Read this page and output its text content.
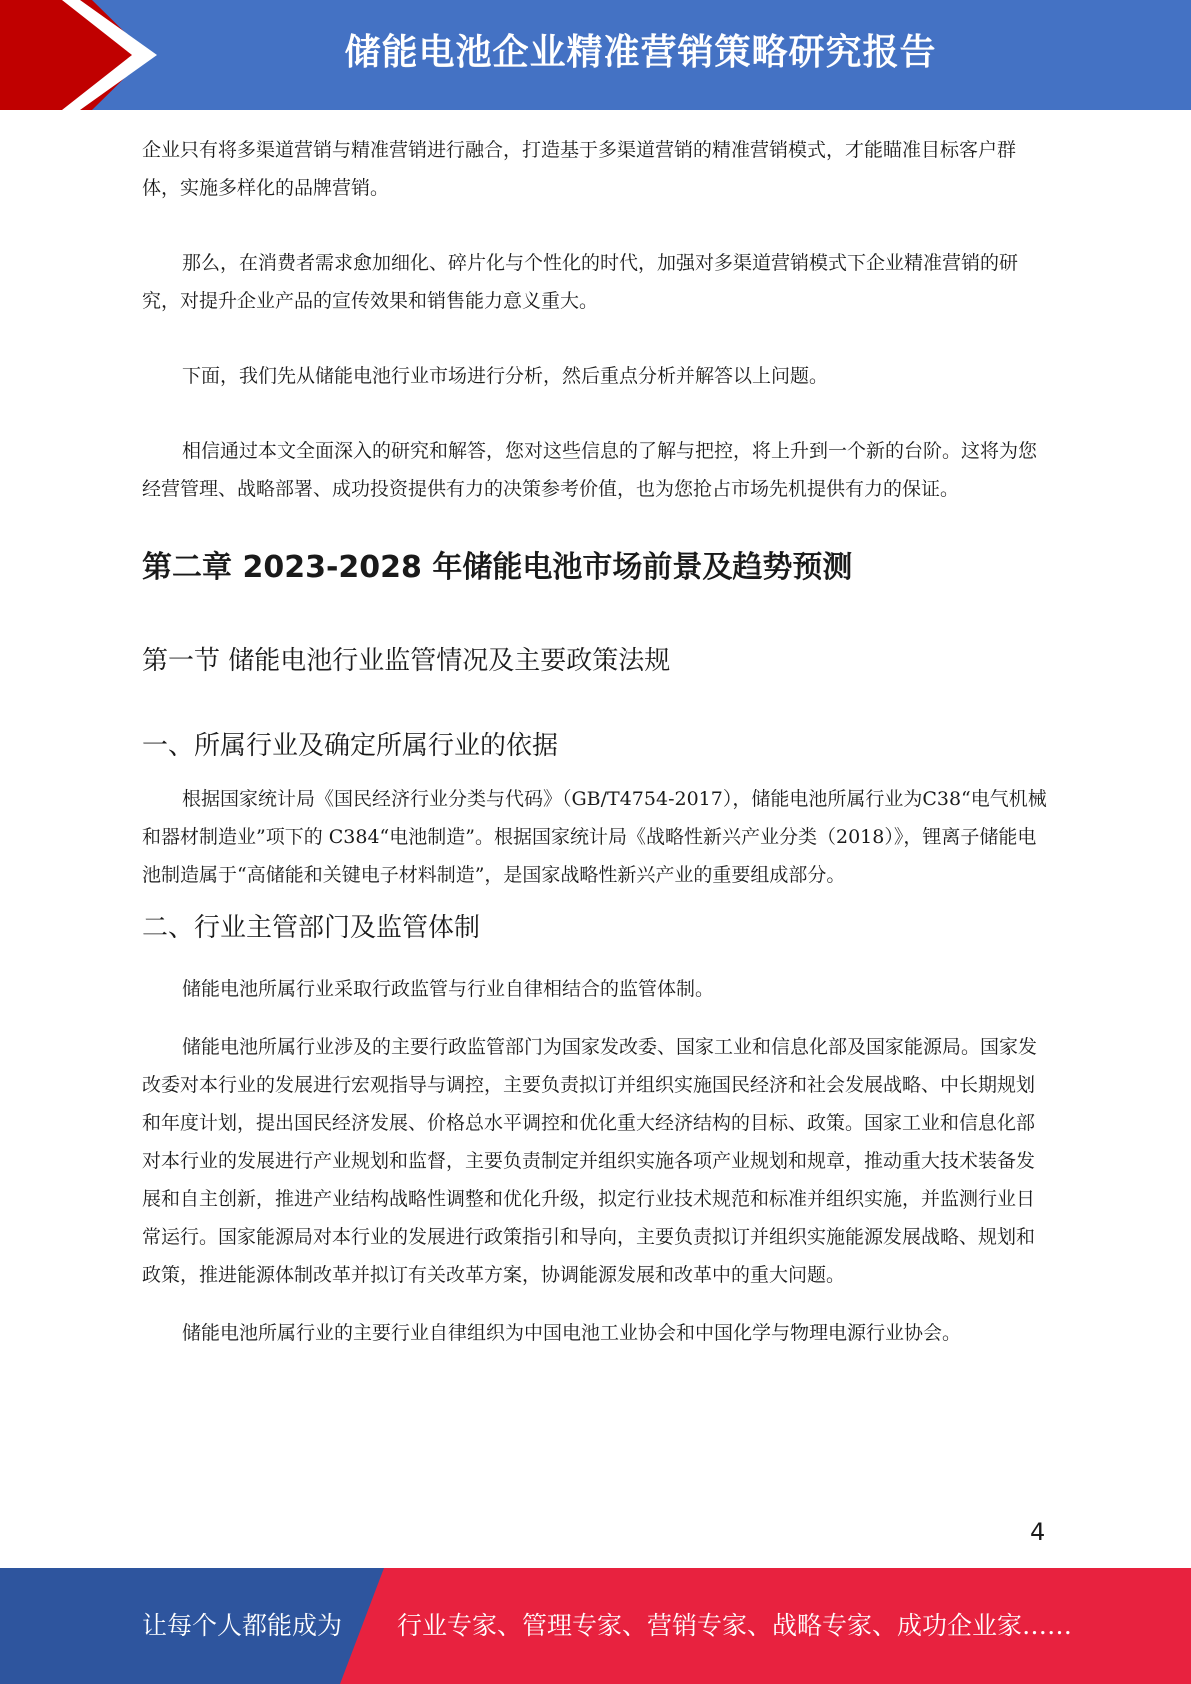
储能电池企业精准营销策略研究报告

企业只有将多渠道营销与精准营销进行融合，打造基于多渠道营销的精准营销模式，才能瞄准目标客户群体，实施多样化的品牌营销。

那么，在消费者需求愈加细化、碎片化与个性化的时代，加强对多渠道营销模式下企业精准营销的研究，对提升企业产品的宣传效果和销售能力意义重大。

下面，我们先从储能电池行业市场进行分析，然后重点分析并解答以上问题。

相信通过本文全面深入的研究和解答，您对这些信息的了解与把控，将上升到一个新的台阶。这将为您经营管理、战略部署、成功投资提供有力的决策参考价值，也为您抢占市场先机提供有力的保证。

第二章 2023-2028 年储能电池市场前景及趋势预测
第一节 储能电池行业监管情况及主要政策法规
一、所属行业及确定所属行业的依据

根据国家统计局《国民经济行业分类与代码》（GB/T4754-2017），储能电池所属行业为C38“电气机械和器材制造业”项下的 C384“电池制造”。根据国家统计局《战略性新兴产业分类（2018）》，锂离子储能电池制造属于“高储能和关键电子材料制造”，是国家战略性新兴产业的重要组成部分。

二、行业主管部门及监管体制

储能电池所属行业采取行政监管与行业自律相结合的监管体制。

储能电池所属行业涉及的主要行政监管部门为国家发改委、国家工业和信息化部及国家能源局。国家发改委对本行业的发展进行宏观指导与调控，主要负责拟订并组织实施国民经济和社会发展战略、中长期规划和年度计划，提出国民经济发展、价格总水平调控和优化重大经济结构的目标、政策。国家工业和信息化部对本行业的发展进行产业规划和监督，主要负责制定并组织实施各项产业规划和规章，推动重大技术装备发展和自主创新，推进产业结构战略性调整和优化升级，拟定行业技术规范和标准并组织实施，并监测行业日常运行。国家能源局对本行业的发展进行政策指引和导向，主要负责拟订并组织实施能源发展战略、规划和政策，推进能源体制改革并拟订有关改革方案，协调能源发展和改革中的重大问题。

储能电池所属行业的主要行业自律组织为中国电池工业协会和中国化学与物理电源行业协会。

4
让每个人都能成为 行业专家、管理专家、营销专家、战略专家、成功企业家……
